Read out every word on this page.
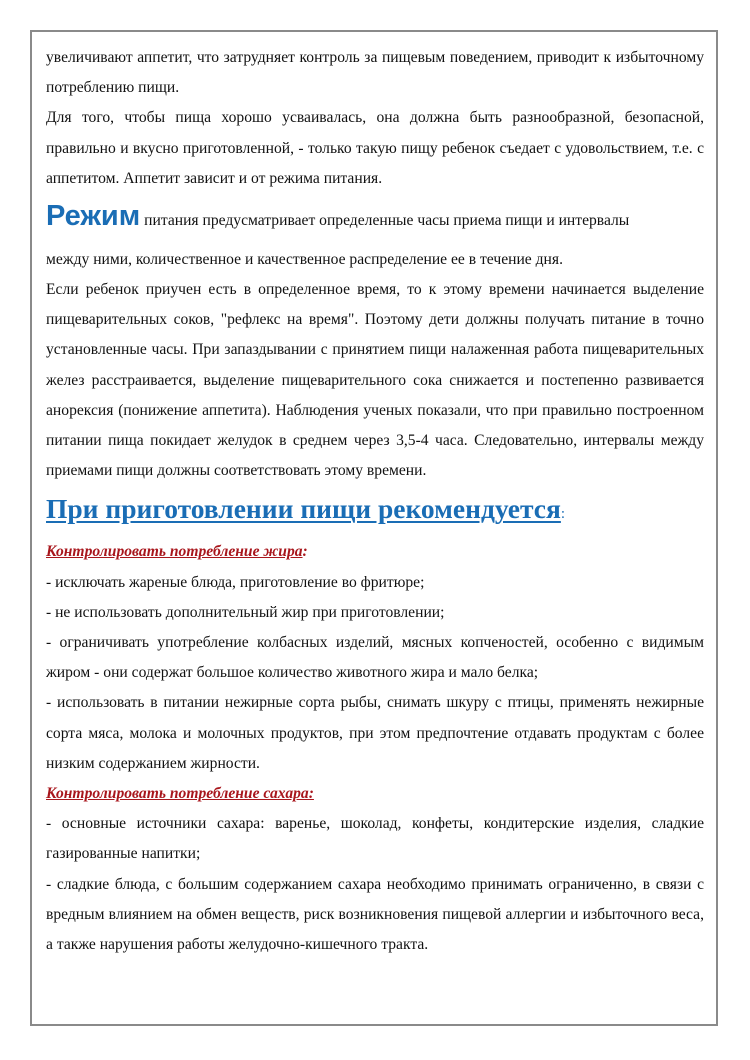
увеличивают аппетит, что затрудняет контроль за пищевым поведением, приводит к избыточному потреблению пищи.

Для того, чтобы пища хорошо усваивалась, она должна быть разнообразной, безопасной, правильно и вкусно приготовленной, - только такую пищу ребенок съедает с удовольствием, т.е. с аппетитом. Аппетит зависит и от режима питания.

Режим питания предусматривает определенные часы приема пищи и интервалы
между ними, количественное и качественное распределение ее в течение дня.

Если ребенок приучен есть в определенное время, то к этому времени начинается выделение пищеварительных соков, "рефлекс на время". Поэтому дети должны получать питание в точно установленные часы. При запаздывании с принятием пищи налаженная работа пищеварительных желез расстраивается, выделение пищеварительного сока снижается и постепенно развивается анорексия (понижение аппетита). Наблюдения ученых показали, что при правильно построенном питании пища покидает желудок в среднем через 3,5-4 часа. Следовательно, интервалы между приемами пищи должны соответствовать этому времени.

При приготовлении пищи рекомендуется:

Контролировать потребление жира:

- исключать жареные блюда, приготовление во фритюре;

- не использовать дополнительный жир при приготовлении;

- ограничивать употребление колбасных изделий, мясных копченостей, особенно с видимым жиром - они содержат большое количество животного жира и мало белка;

- использовать в питании нежирные сорта рыбы, снимать шкуру с птицы, применять нежирные сорта мяса, молока и молочных продуктов, при этом предпочтение отдавать продуктам с более низким содержанием жирности.

Контролировать потребление сахара:

- основные источники сахара: варенье, шоколад, конфеты, кондитерские изделия, сладкие газированные напитки;

- сладкие блюда, с большим содержанием сахара необходимо принимать ограниченно, в связи с вредным влиянием на обмен веществ, риск возникновения пищевой аллергии и избыточного веса, а также нарушения работы желудочно-кишечного тракта.
